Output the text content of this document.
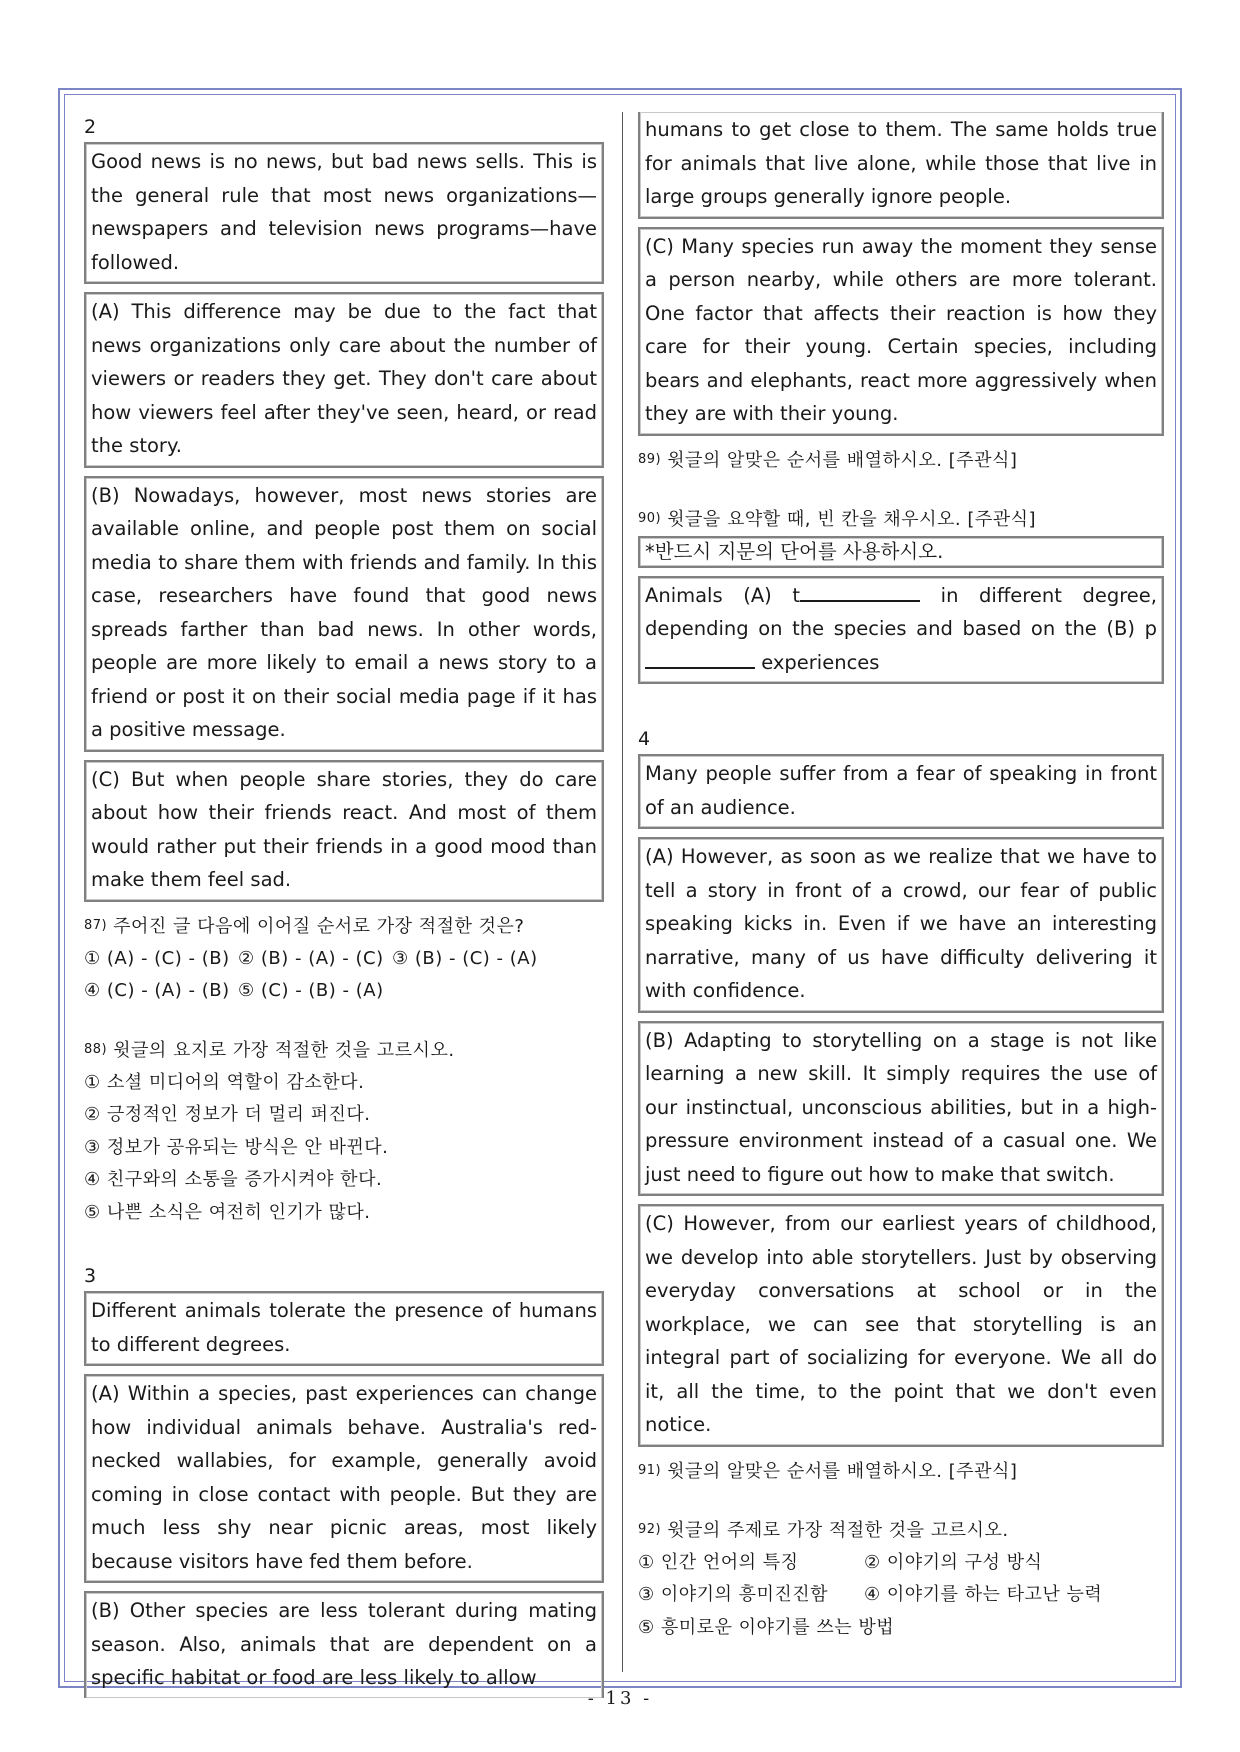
2
Good news is no news, but bad news sells. This is the general rule that most news organizations—newspapers and television news programs—have followed.
(A) This difference may be due to the fact that news organizations only care about the number of viewers or readers they get. They don't care about how viewers feel after they've seen, heard, or read the story.
(B) Nowadays, however, most news stories are available online, and people post them on social media to share them with friends and family. In this case, researchers have found that good news spreads farther than bad news. In other words, people are more likely to email a news story to a friend or post it on their social media page if it has a positive message.
(C) But when people share stories, they do care about how their friends react. And most of them would rather put their friends in a good mood than make them feel sad.
$^{87)}$ 주어진 글 다음에 이어질 순서로 가장 적절한 것은?
① (A) - (C) - (B) ② (B) - (A) - (C) ③ (B) - (C) - (A)
④ (C) - (A) - (B) ⑤ (C) - (B) - (A)
$^{88)}$ 윗글의 요지로 가장 적절한 것을 고르시오.
① 소셜 미디어의 역할이 감소한다.
② 긍정적인 정보가 더 멀리 퍼진다.
③ 정보가 공유되는 방식은 안 바뀐다.
④ 친구와의 소통을 증가시켜야 한다.
⑤ 나쁜 소식은 여전히 인기가 많다.
3
Different animals tolerate the presence of humans to different degrees.
(A) Within a species, past experiences can change how individual animals behave. Australia's red-necked wallabies, for example, generally avoid coming in close contact with people. But they are much less shy near picnic areas, most likely because visitors have fed them before.
(B) Other species are less tolerant during mating season. Also, animals that are dependent on a specific habitat or food are less likely to allow
humans to get close to them. The same holds true for animals that live alone, while those that live in large groups generally ignore people.
(C) Many species run away the moment they sense a person nearby, while others are more tolerant. One factor that affects their reaction is how they care for their young. Certain species, including bears and elephants, react more aggressively when they are with their young.
$^{89)}$ 윗글의 알맞은 순서를 배열하시오. [주관식]
$^{90)}$ 윗글을 요약할 때, 빈 칸을 채우시오. [주관식]
*반드시 지문의 단어를 사용하시오.
Animals (A) t	in different degree, depending on the species and based on the (B) p experiences
4
Many people suffer from a fear of speaking in front of an audience.
(A) However, as soon as we realize that we have to tell a story in front of a crowd, our fear of public speaking kicks in. Even if we have an interesting narrative, many of us have difficulty delivering it with confidence.
(B) Adapting to storytelling on a stage is not like learning a new skill. It simply requires the use of our instinctual, unconscious abilities, but in a high-pressure environment instead of a casual one. We just need to figure out how to make that switch.
(C) However, from our earliest years of childhood, we develop into able storytellers. Just by observing everyday conversations at school or in the workplace, we can see that storytelling is an integral part of socializing for everyone. We all do it, all the time, to the point that we don't even notice.
$^{91)}$ 윗글의 알맞은 순서를 배열하시오. [주관식]
$^{92)}$ 윗글의 주제로 가장 적절한 것을 고르시오.
① 인간 언어의 특징	② 이야기의 구성 방식
③ 이야기의 흥미진진함 ④ 이야기를 하는 타고난 능력
⑤ 흥미로운 이야기를 쓰는 방법
- 13 -
